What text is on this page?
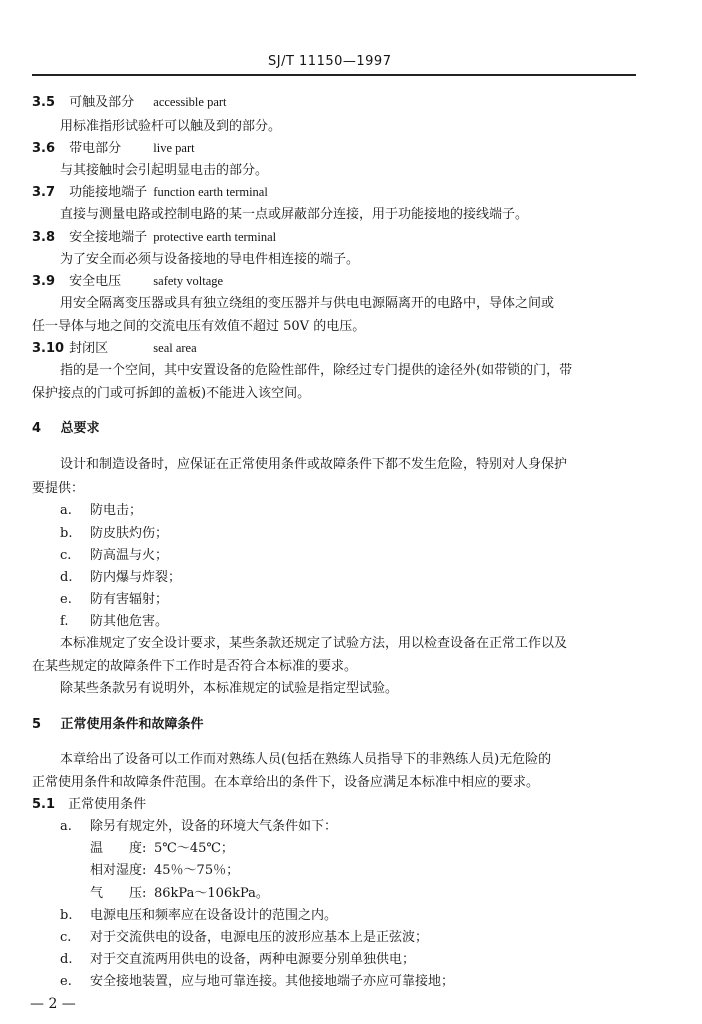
SJ/T 11150—1997
3.5 可触及部分 accessible part
用标准指形试验杆可以触及到的部分。
3.6 带电部分	live part
与其接触时会引起明显电击的部分。
3.7 功能接地端子 function earth terminal
直接与测量电路或控制电路的某一点或屏蔽部分连接，用于功能接地的接线端子。
3.8 安全接地端子 protective earth terminal
为了安全而必须与设备接地的导电件相连接的端子。
3.9 安全电压	safety voltage
用安全隔离变压器或具有独立绕组的变压器并与供电电源隔离开的电路中，导体之间或
任一导体与地之间的交流电压有效值不超过 50V 的电压。
3.10 封闭区	seal area
指的是一个空间，其中安置设备的危险性部件，除经过专门提供的途径外(如带锁的门，带
保护接点的门或可拆卸的盖板)不能进入该空间。
4 总要求
设计和制造设备时，应保证在正常使用条件或故障条件下都不发生危险，特别对人身保护
要提供：
a. 防电击；
b. 防皮肤灼伤；
c. 防高温与火；
d. 防内爆与炸裂；
e. 防有害辐射；
f. 防其他危害。
本标准规定了安全设计要求，某些条款还规定了试验方法，用以检查设备在正常工作以及
在某些规定的故障条件下工作时是否符合本标准的要求。
除某些条款另有说明外，本标准规定的试验是指定型试验。
5 正常使用条件和故障条件
本章给出了设备可以工作而对熟练人员(包括在熟练人员指导下的非熟练人员)无危险的
正常使用条件和故障条件范围。在本章给出的条件下，设备应满足本标准中相应的要求。
5.1 正常使用条件
a. 除另有规定外，设备的环境大气条件如下：
温　　度: 5℃～45℃；
相对湿度: 45％～75％；
气　　压: 86kPa～106kPa。
b. 电源电压和频率应在设备设计的范围之内。
c. 对于交流供电的设备，电源电压的波形应基本上是正弦波；
d. 对于交直流两用供电的设备，两种电源要分别单独供电；
e. 安全接地装置，应与地可靠连接。其他接地端子亦应可靠接地；
— 2 —
